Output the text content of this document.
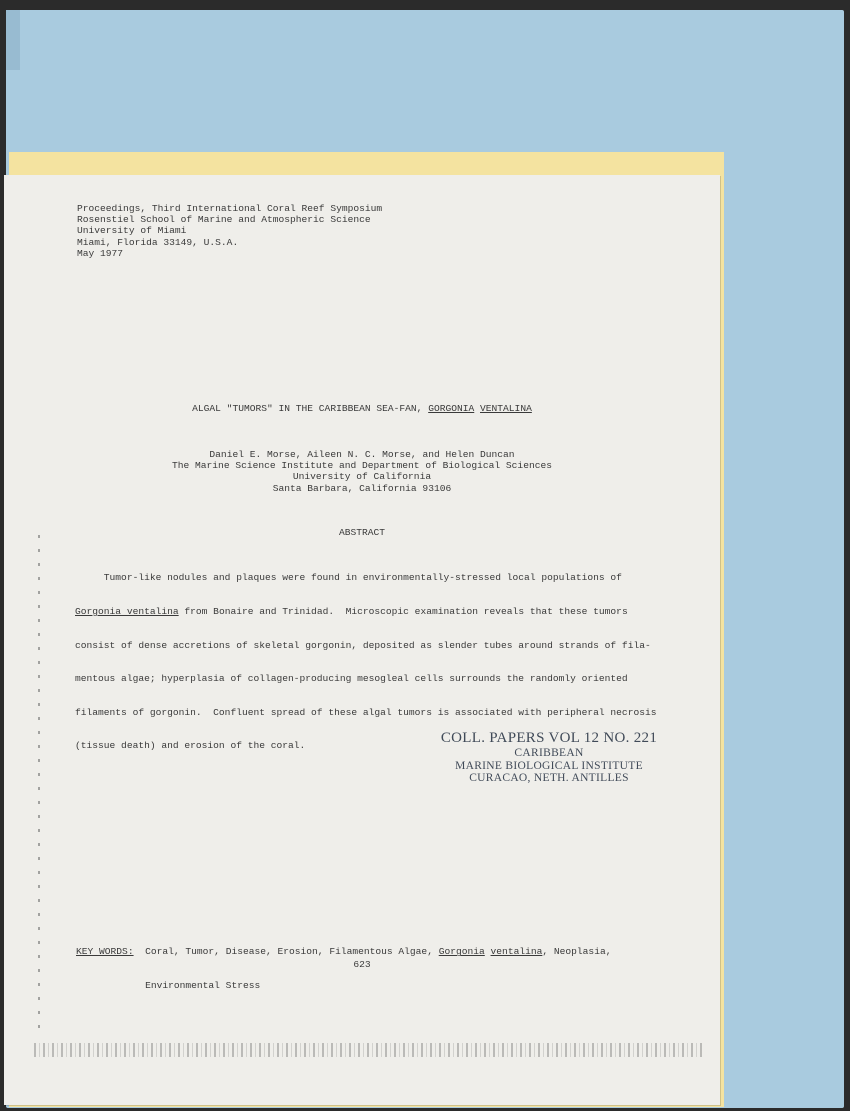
Proceedings, Third International Coral Reef Symposium
Rosenstiel School of Marine and Atmospheric Science
University of Miami
Miami, Florida 33149, U.S.A.
May 1977
ALGAL "TUMORS" IN THE CARIBBEAN SEA-FAN, GORGONIA VENTALINA
Daniel E. Morse, Aileen N. C. Morse, and Helen Duncan
The Marine Science Institute and Department of Biological Sciences
University of California
Santa Barbara, California 93106
ABSTRACT

Tumor-like nodules and plaques were found in environmentally-stressed local populations of

Gorgonia ventalina from Bonaire and Trinidad.  Microscopic examination reveals that these tumors

consist of dense accretions of skeletal gorgonin, deposited as slender tubes around strands of fila-

mentous algae; hyperplasia of collagen-producing mesogleal cells surrounds the randomly oriented

filaments of gorgonin.  Confluent spread of these algal tumors is associated with peripheral necrosis

(tissue death) and erosion of the coral.

	COLL. PAPERS VOL 12 NO. 221
CARIBBEAN
MARINE BIOLOGICAL INSTITUTE
CURACAO, NETH. ANTILLES

KEY WORDS:  Coral, Tumor, Disease, Erosion, Filamentous Algae, Gorgonia ventalina, Neoplasia,

Environmental Stress

623
